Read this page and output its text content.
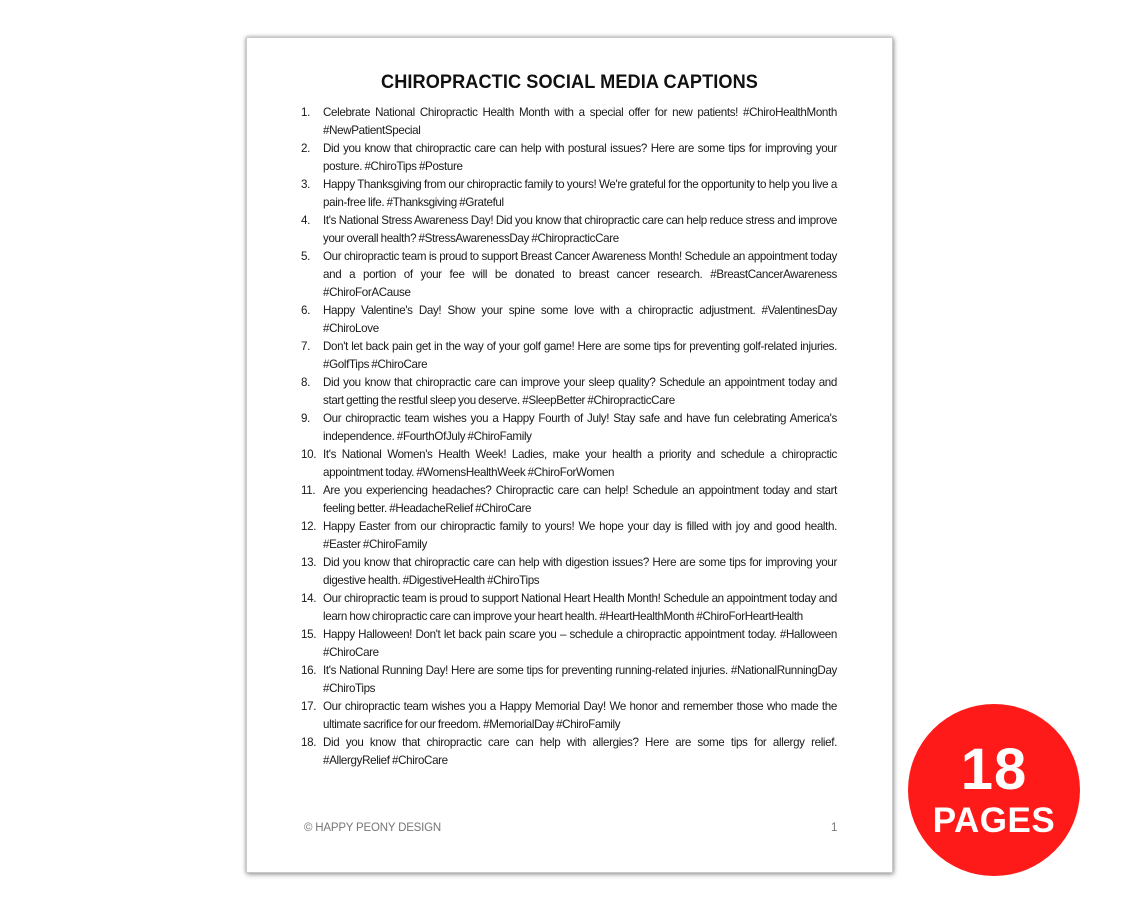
CHIROPRACTIC SOCIAL MEDIA CAPTIONS
1. Celebrate National Chiropractic Health Month with a special offer for new patients! #ChiroHealthMonth #NewPatientSpecial
2. Did you know that chiropractic care can help with postural issues? Here are some tips for improving your posture. #ChiroTips #Posture
3. Happy Thanksgiving from our chiropractic family to yours! We're grateful for the opportunity to help you live a pain-free life. #Thanksgiving #Grateful
4. It's National Stress Awareness Day! Did you know that chiropractic care can help reduce stress and improve your overall health? #StressAwarenessDay #ChiropracticCare
5. Our chiropractic team is proud to support Breast Cancer Awareness Month! Schedule an appointment today and a portion of your fee will be donated to breast cancer research. #BreastCancerAwareness #ChiroForACause
6. Happy Valentine's Day! Show your spine some love with a chiropractic adjustment. #ValentinesDay #ChiroLove
7. Don't let back pain get in the way of your golf game! Here are some tips for preventing golf-related injuries. #GolfTips #ChiroCare
8. Did you know that chiropractic care can improve your sleep quality? Schedule an appointment today and start getting the restful sleep you deserve. #SleepBetter #ChiropracticCare
9. Our chiropractic team wishes you a Happy Fourth of July! Stay safe and have fun celebrating America's independence. #FourthOfJuly #ChiroFamily
10. It's National Women's Health Week! Ladies, make your health a priority and schedule a chiropractic appointment today. #WomensHealthWeek #ChiroForWomen
11. Are you experiencing headaches? Chiropractic care can help! Schedule an appointment today and start feeling better. #HeadacheRelief #ChiroCare
12. Happy Easter from our chiropractic family to yours! We hope your day is filled with joy and good health. #Easter #ChiroFamily
13. Did you know that chiropractic care can help with digestion issues? Here are some tips for improving your digestive health. #DigestiveHealth #ChiroTips
14. Our chiropractic team is proud to support National Heart Health Month! Schedule an appointment today and learn how chiropractic care can improve your heart health. #HeartHealthMonth #ChiroForHeartHealth
15. Happy Halloween! Don't let back pain scare you – schedule a chiropractic appointment today. #Halloween #ChiroCare
16. It's National Running Day! Here are some tips for preventing running-related injuries. #NationalRunningDay #ChiroTips
17. Our chiropractic team wishes you a Happy Memorial Day! We honor and remember those who made the ultimate sacrifice for our freedom. #MemorialDay #ChiroFamily
18. Did you know that chiropractic care can help with allergies? Here are some tips for allergy relief. #AllergyRelief #ChiroCare
© HAPPY PEONY DESIGN	1
18
PAGES
